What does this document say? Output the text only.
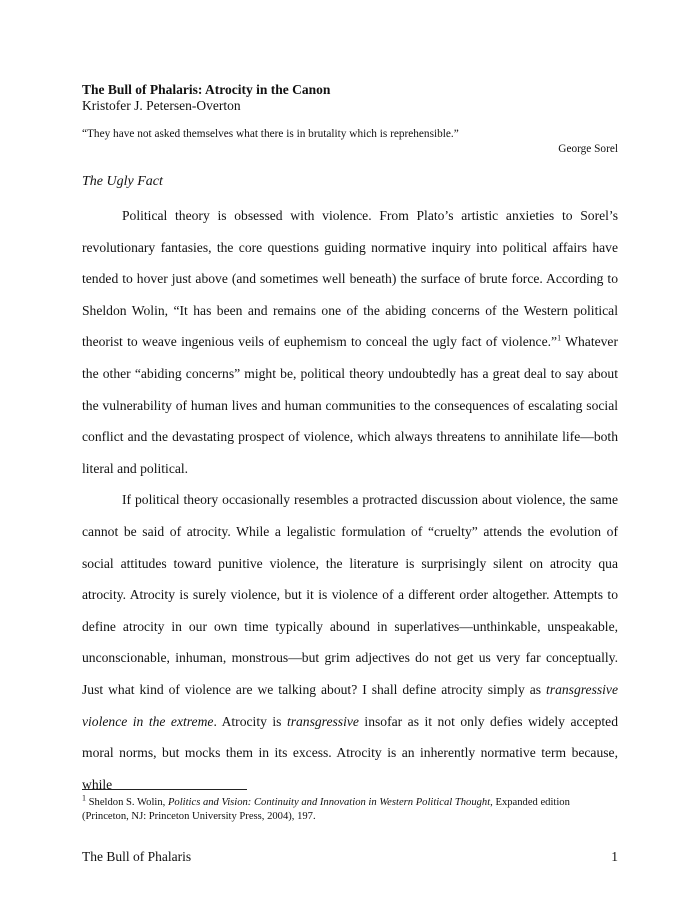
The Bull of Phalaris: Atrocity in the Canon
Kristofer J. Petersen-Overton
“They have not asked themselves what there is in brutality which is reprehensible.”
George Sorel
The Ugly Fact

Political theory is obsessed with violence. From Plato’s artistic anxieties to Sorel’s revolutionary fantasies, the core questions guiding normative inquiry into political affairs have tended to hover just above (and sometimes well beneath) the surface of brute force. According to Sheldon Wolin, “It has been and remains one of the abiding concerns of the Western political theorist to weave ingenious veils of euphemism to conceal the ugly fact of violence.”$^1$ Whatever the other “abiding concerns” might be, political theory undoubtedly has a great deal to say about the vulnerability of human lives and human communities to the consequences of escalating social conflict and the devastating prospect of violence, which always threatens to annihilate life—both literal and political.

If political theory occasionally resembles a protracted discussion about violence, the same cannot be said of atrocity. While a legalistic formulation of “cruelty” attends the evolution of social attitudes toward punitive violence, the literature is surprisingly silent on atrocity qua atrocity. Atrocity is surely violence, but it is violence of a different order altogether. Attempts to define atrocity in our own time typically abound in superlatives—unthinkable, unspeakable, unconscionable, inhuman, monstrous—but grim adjectives do not get us very far conceptually. Just what kind of violence are we talking about? I shall define atrocity simply as transgressive violence in the extreme. Atrocity is transgressive insofar as it not only defies widely accepted moral norms, but mocks them in its excess. Atrocity is an inherently normative term because, while

$^1$ Sheldon S. Wolin, Politics and Vision: Continuity and Innovation in Western Political Thought, Expanded edition (Princeton, NJ: Princeton University Press, 2004), 197.
The Bull of Phalaris	1
